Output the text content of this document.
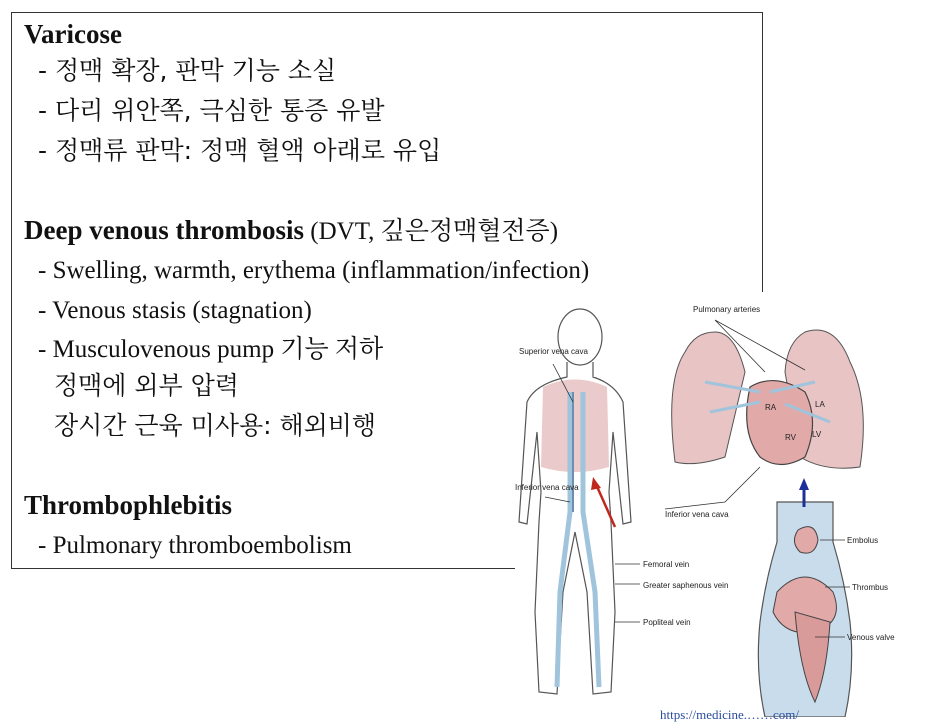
Varicose
- 정맥 확장, 판막 기능 소실
- 다리 위안쪽, 극심한 통증 유발
- 정맥류 판막: 정맥 혈액 아래로 유입
Deep venous thrombosis (DVT, 깊은정맥혈전증)
- Swelling, warmth, erythema (inflammation/infection)
- Venous stasis (stagnation)
- Musculovenous pump 기능 저하
정맥에 외부 압력
장시간 근육 미사용: 해외비행
Thrombophlebitis
- Pulmonary thromboembolism
Pulmonary arteries
Superior vena cava
Inferior vena cava
Inferior vena cava
RA	LA
RV LV
Femoral vein
Greater saphenous vein
Popliteal vein
Embolus
Thrombus
Venous valve
https://medicine.……com/
